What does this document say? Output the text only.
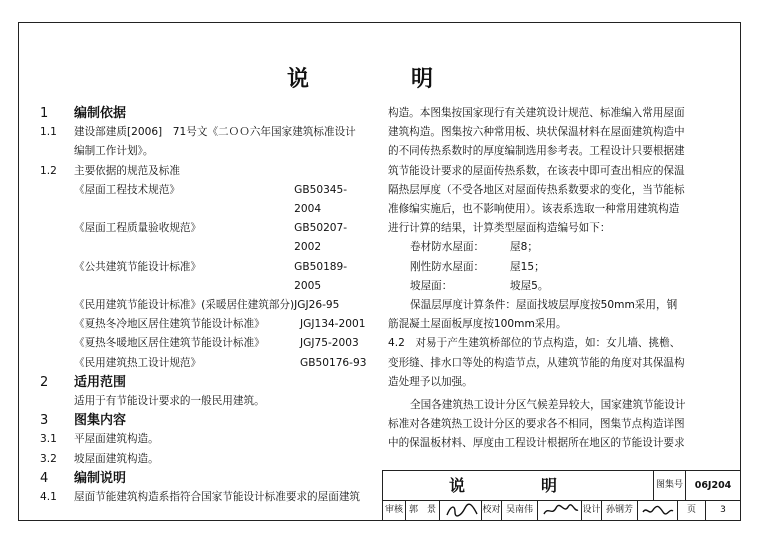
说　明
1	编制依据
1.1	建设部建质[2006]　71号文《二ＯＯ六年国家建筑标准设计
编制工作计划》。
1.2	主要依据的规范及标准
《屋面工程技术规范》	GB50345-2004
《屋面工程质量验收规范》	GB50207-2002
《公共建筑节能设计标准》	GB50189-2005
《民用建筑节能设计标准》(采暖居住建筑部分) JGJ26-95
《夏热冬冷地区居住建筑节能设计标准》	JGJ134-2001
《夏热冬暖地区居住建筑节能设计标准》	JGJ75-2003
《民用建筑热工设计规范》	GB50176-93
2	适用范围
适用于有节能设计要求的一般民用建筑。
3	图集内容
3.1	平屋面建筑构造。
3.2	坡屋面建筑构造。
4	编制说明
4.1	屋面节能建筑构造系指符合国家节能设计标准要求的屋面建筑
构造。本图集按国家现行有关建筑设计规范、标准编入常用屋面
建筑构造。图集按六种常用板、块状保温材料在屋面建筑构造中
的不同传热系数时的厚度编制选用参考表。工程设计只要根据建
筑节能设计要求的屋面传热系数，在该表中即可查出相应的保温
隔热层厚度（不受各地区对屋面传热系数要求的变化，当节能标
准修编实施后，也不影响使用）。该表系选取一种常用建筑构造
进行计算的结果，计算类型屋面构造编号如下：
卷材防水屋面：	屋8；
刚性防水屋面：	屋15；
坡屋面：	坡屋5。
保温层厚度计算条件：屋面找坡层厚度按50mm采用，钢
筋混凝土屋面板厚度按100mm采用。
4.2　对易于产生建筑桥部位的节点构造，如：女儿墙、挑檐、
变形缝、排水口等处的构造节点，从建筑节能的角度对其保温构
造处理予以加强。
全国各建筑热工设计分区气候差异较大，国家建筑节能设计
标准对各建筑热工设计分区的要求各不相同，图集节点构造详图
中的保温板材料、厚度由工程设计根据所在地区的节能设计要求
说　明	图集号	06J204
审核 郭　景	校对 吴南伟	设计 孙钢芳	页	3
